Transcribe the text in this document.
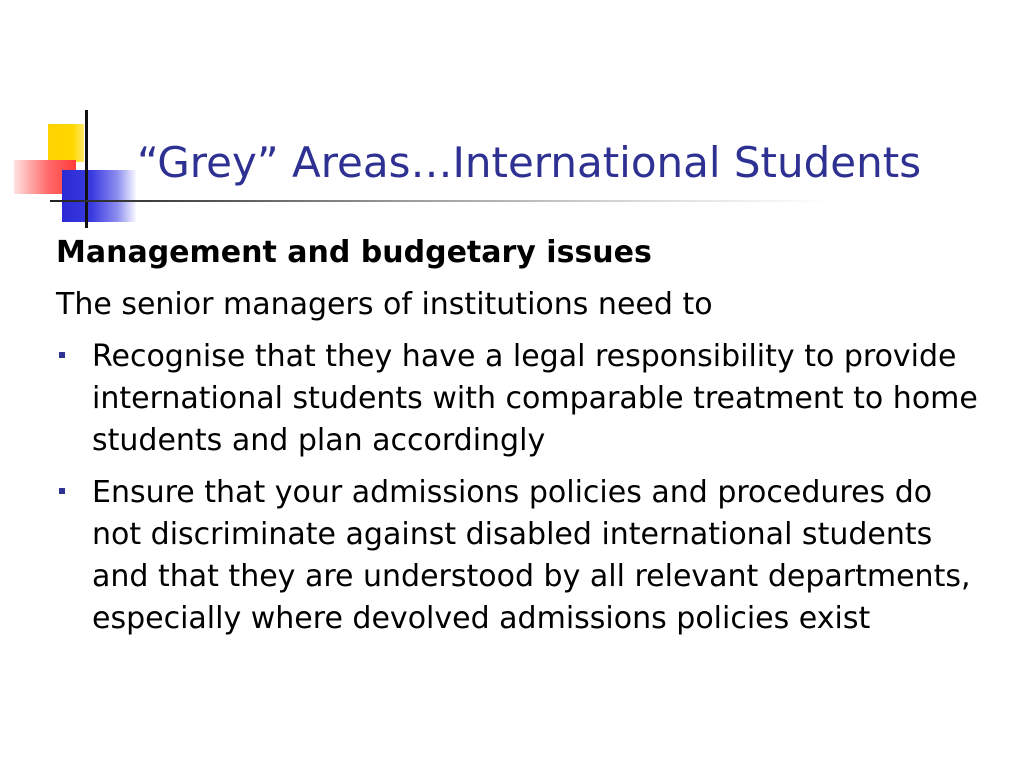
“Grey” Areas…International Students
Management and budgetary issues
The senior managers of institutions need to
Recognise that they have a legal responsibility to provide international students with comparable treatment to home students and plan accordingly
Ensure that your admissions policies and procedures do not discriminate against disabled international students and that they are understood by all relevant departments, especially where devolved admissions policies exist
